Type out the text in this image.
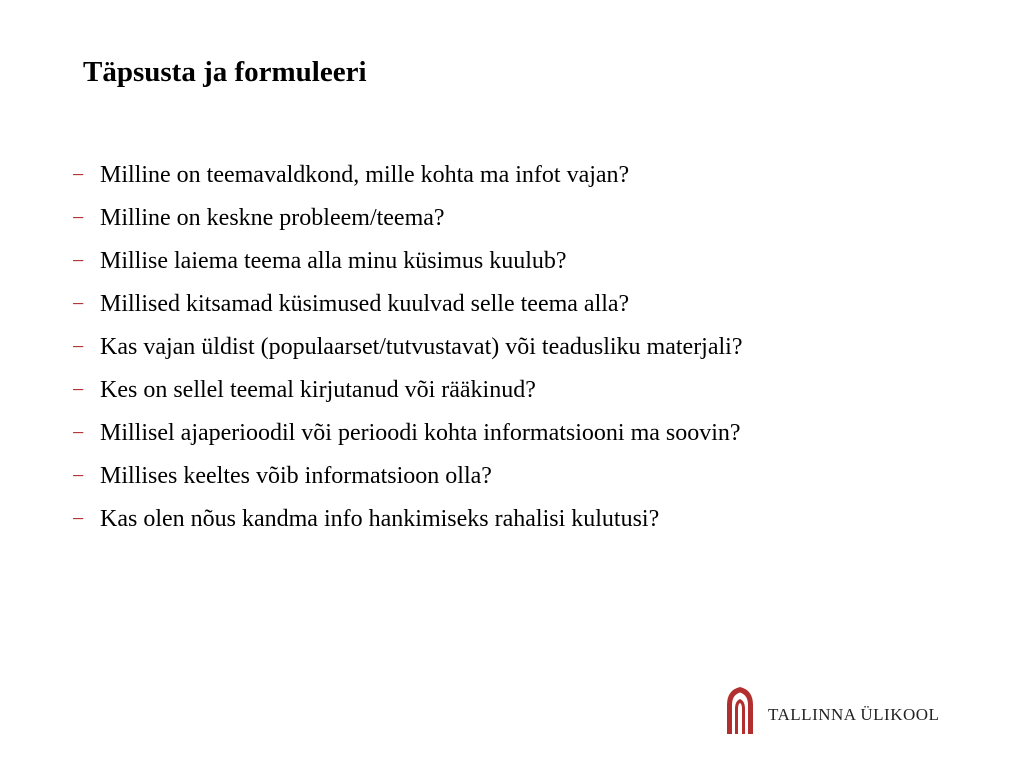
Täpsusta ja formuleeri
− Milline on teemavaldkond, mille kohta ma infot vajan?
− Milline on keskne probleem/teema?
− Millise laiema teema alla minu küsimus kuulub?
− Millised kitsamad küsimused kuulvad selle teema alla?
− Kas vajan üldist (populaarset/tutvustavat) või teadusliku materjali?
− Kes on sellel teemal kirjutanud või rääkinud?
− Millisel ajaperioodil või perioodi kohta informatsiooni ma soovin?
− Millises keeltes võib informatsioon olla?
− Kas olen nõus kandma info hankimiseks rahalisi kulutusi?
TALLINNA ÜLIKOOL
